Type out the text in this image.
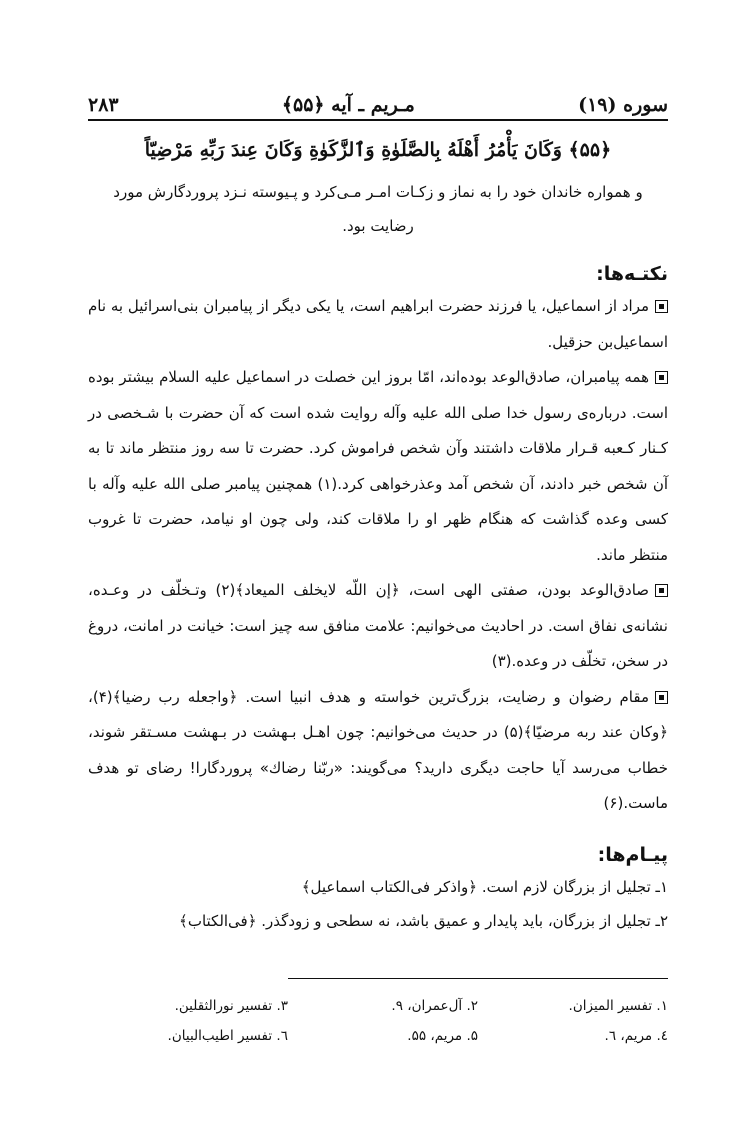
سوره (۱۹)
مـريم ـ آيه ﴿۵۵﴾
۲۸۳
﴿۵۵﴾ وَكَانَ يَأْمُرُ أَهْلَهُ بِالصَّلَوٰةِ وَٱلزَّكَوٰةِ وَكَانَ عِندَ رَبِّهِ مَرْضِيّاً
و همواره خاندان خود را به نماز و زكـات امـر مـى‌كرد و پـيوسته نـزد پروردگارش مورد رضايت بود.
نكتـه‌ها:

مراد از اسماعيل، يا فرزند حضرت ابراهيم است، يا يكى ديگر از پيامبران بنى‌اسرائيل به نام اسماعيل‌بن حزقيل.

همه پيامبران، صادق‌الوعد بوده‌اند، امّا بروز اين خصلت در اسماعيل‌ عليه السلام بيشتر بوده است. درباره‌ى رسول خدا صلى الله عليه وآله روايت شده است كه آن حضرت با شـخصى در كـنار كـعبه قـرار ملاقات داشتند وآن شخص فراموش كرد. حضرت تا سه روز منتظر ماند تا به آن شخص خبر دادند، آن شخص آمد وعذرخواهى كرد.(۱) همچنين پيامبر صلى الله عليه وآله با كسى وعده گذاشت كه هنگام ظهر او را ملاقات كند، ولى چون او نيامد، حضرت تا غروب منتظر ماند.

صادق‌الوعد بودن، صفتى الهى است، ﴿إن اللّه لايخلف الميعاد﴾(۲) وتـخلّف در وعـده، نشانه‌ى نفاق است. در احاديث مى‌خوانيم: علامت منافق سه چيز است: خيانت در امانت، دروغ در سخن، تخلّف در وعده.(۳)

مقام رضوان و رضايت، بزرگ‌ترين خواسته و هدف انبيا است. ﴿واجعله رب رضيا﴾(۴)، ﴿وكان عند ربه مرضيّا﴾(۵) در حديث مى‌خوانيم: چون اهـل بـهشت در بـهشت مسـتقر شوند، خطاب مى‌رسد آيا حاجت ديگرى داريد؟ مى‌گويند: «ربّنا رضاك» پروردگارا! رضاى تو هدف ماست.(۶)

پيـام‌ها:

۱ـ تجليل از بزرگان لازم است. ﴿واذكر فى‌الكتاب اسماعيل﴾

۲ـ تجليل از بزرگان، بايد پايدار و عميق باشد، نه سطحى و زودگذر. ﴿فى‌الكتاب﴾

۱. تفسير الميزان.
۲. آل‌عمران، ۹.
۳. تفسير نورالثقلين.
٤. مريم، ٦.
۵. مريم، ۵۵.
٦. تفسير اطيب‌البيان.
